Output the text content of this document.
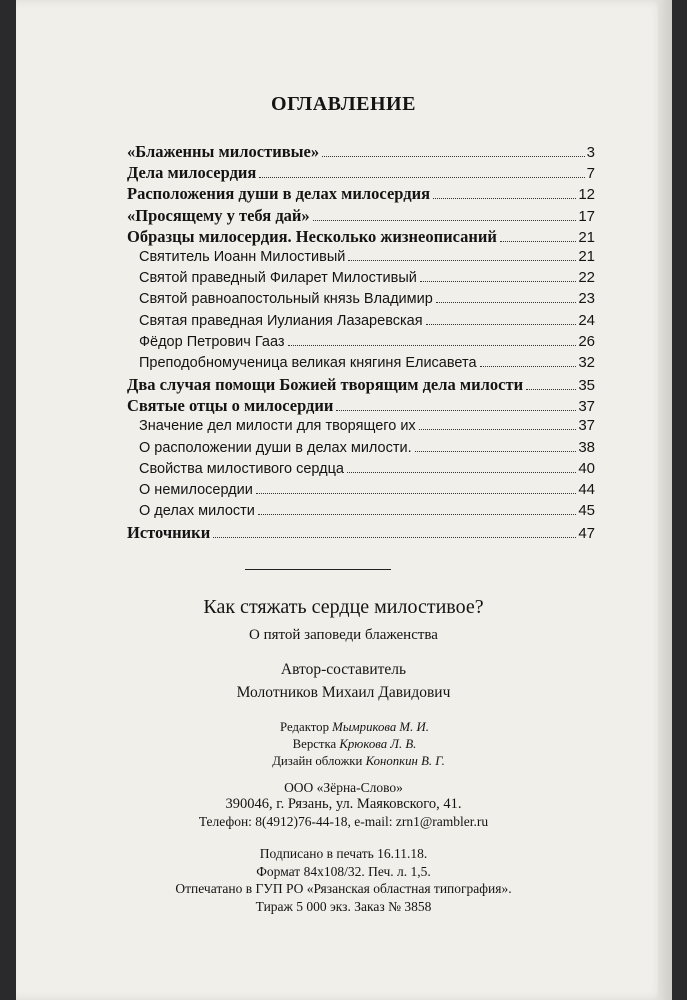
ОГЛАВЛЕНИЕ
«Блаженны милостивые»	3
Дела милосердия	7
Расположения души в делах милосердия	12
«Просящему у тебя дай»	17
Образцы милосердия. Несколько жизнеописаний	21
Святитель Иоанн Милостивый	21
Святой праведный Филарет Милостивый	22
Святой равноапостольный князь Владимир	23
Святая праведная Иулиания Лазаревская	24
Фёдор Петрович Гааз	26
Преподобномученица великая княгиня Елисавета	32
Два случая помощи Божией творящим дела милости	35
Святые отцы о милосердии	37
Значение дел милости для творящего их	37
О расположении души в делах милости.	38
Свойства милостивого сердца	40
О немилосердии	44
О делах милости	45
Источники	47
Как стяжать сердце милостивое?
О пятой заповеди блаженства
Автор-составитель
Молотников Михаил Давидович
Редактор Мымрикова М. И.
Верстка Крюкова Л. В.
Дизайн обложки Конопкин В. Г.
ООО «Зёрна-Слово»
390046, г. Рязань, ул. Маяковского, 41.
Телефон: 8(4912)76-44-18, e-mail: zrn1@rambler.ru
Подписано в печать 16.11.18.
Формат 84x108/32. Печ. л. 1,5.
Отпечатано в ГУП РО «Рязанская областная типография».
Тираж 5 000 экз. Заказ № 3858
